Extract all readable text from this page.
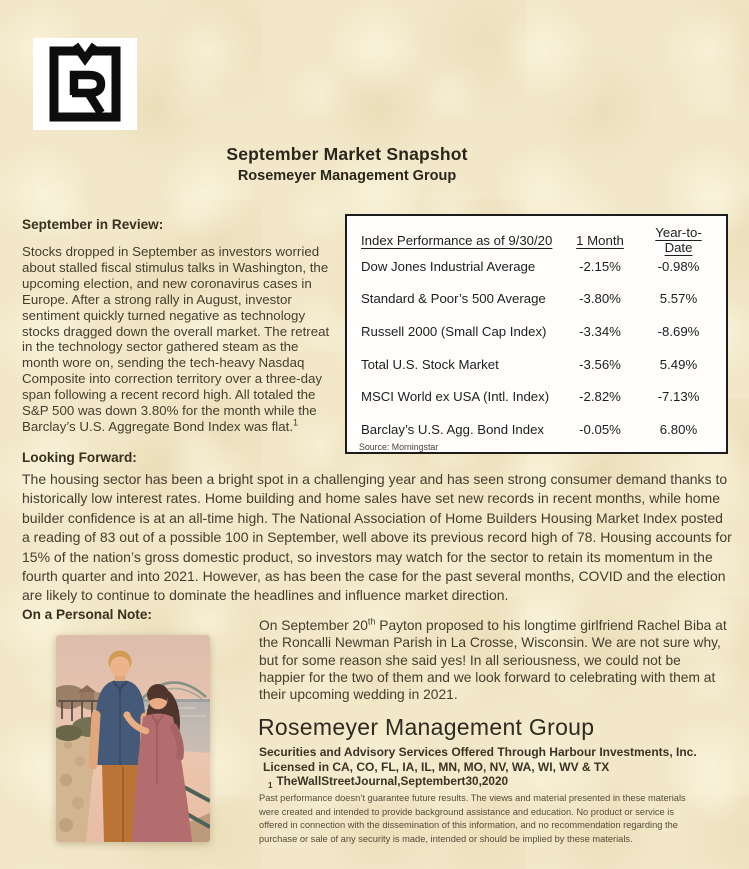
September Market Snapshot
Rosemeyer Management Group
September in Review:

Stocks dropped in September as investors worried about stalled fiscal stimulus talks in Washington, the upcoming election, and new coronavirus cases in Europe. After a strong rally in August, investor sentiment quickly turned negative as technology stocks dragged down the overall market. The retreat in the technology sector gathered steam as the month wore on, sending the tech-heavy Nasdaq Composite into correction territory over a three-day span following a recent record high. All totaled the S&P 500 was down 3.80% for the month while the Barclay’s U.S. Aggregate Bond Index was flat.$^1$

Index Performance as of 9/30/20	1 Month	Year-to-Date
Dow Jones Industrial Average	-2.15%	-0.98%
Standard & Poor’s 500 Average	-3.80%	5.57%
Russell 2000 (Small Cap Index)	-3.34%	-8.69%
Total U.S. Stock Market	-3.56%	5.49%
MSCI World ex USA (Intl. Index)	-2.82%	-7.13%
Barclay’s U.S. Agg. Bond Index	-0.05%	6.80%
Source: Morningstar
Looking Forward:

The housing sector has been a bright spot in a challenging year and has seen strong consumer demand thanks to historically low interest rates. Home building and home sales have set new records in recent months, while home builder confidence is at an all-time high. The National Association of Home Builders Housing Market Index posted a reading of 83 out of a possible 100 in September, well above its previous record high of 78. Housing accounts for 15% of the nation’s gross domestic product, so investors may watch for the sector to retain its momentum in the fourth quarter and into 2021. However, as has been the case for the past several months, COVID and the election are likely to continue to dominate the headlines and influence market direction.

On a Personal Note:

On September 20th Payton proposed to his longtime girlfriend Rachel Biba at the Roncalli Newman Parish in La Crosse, Wisconsin. We are not sure why, but for some reason she said yes! In all seriousness, we could not be happier for the two of them and we look forward to celebrating with them at their upcoming wedding in 2021.

Rosemeyer Management Group
Securities and Advisory Services Offered Through Harbour Investments, Inc.
Licensed in CA, CO, FL, IA, IL, MN, MO, NV, WA, WI, WV & TX
$_1$ TheWallStreetJournal,Septembert30,2020

Past performance doesn’t guarantee future results. The views and material presented in these materials were created and intended to provide background assistance and education. No product or service is offered in connection with the dissemination of this information, and no recommendation regarding the purchase or sale of any security is made, intended or should be implied by these materials.
